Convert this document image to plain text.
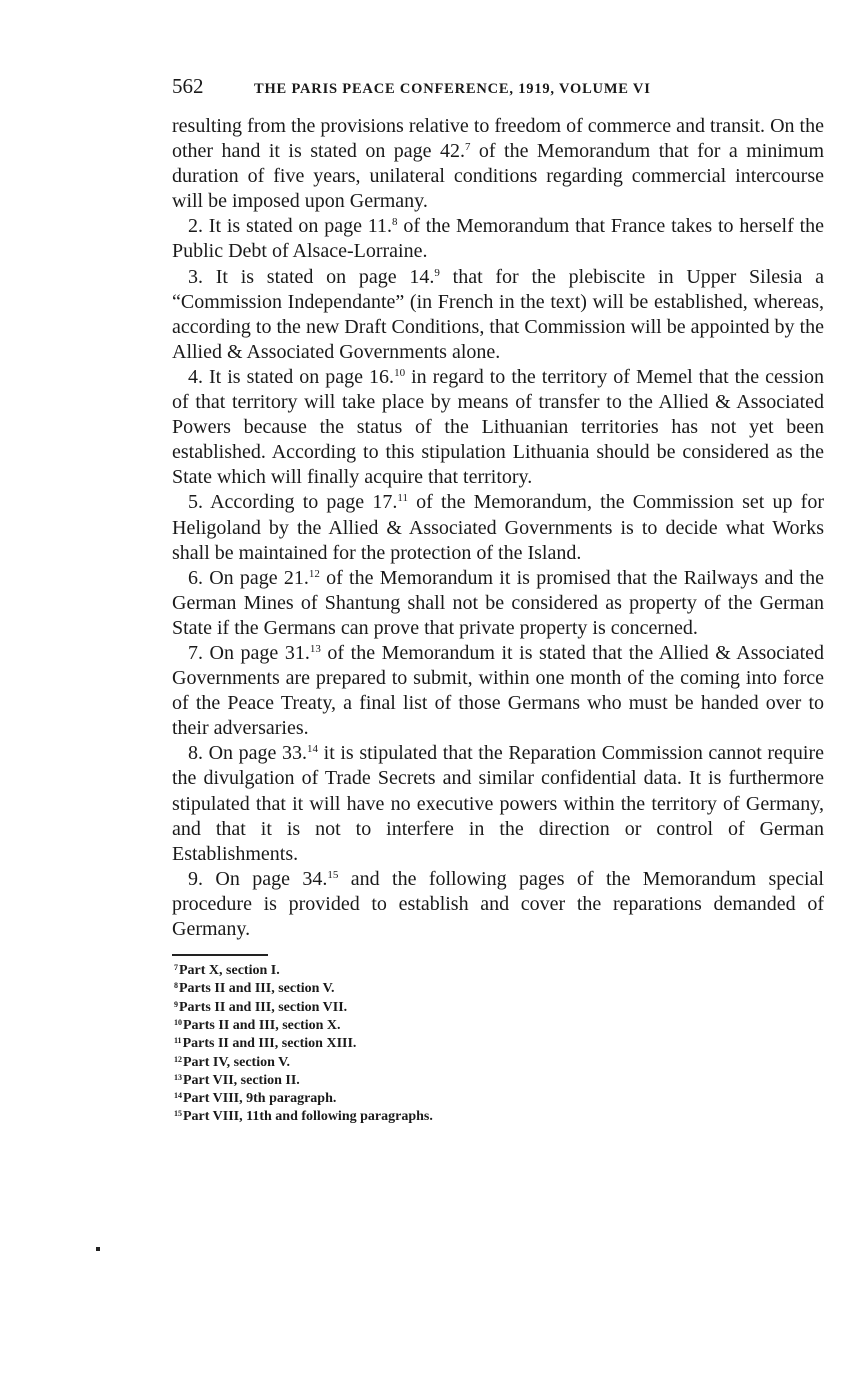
562	THE PARIS PEACE CONFERENCE, 1919, VOLUME VI

resulting from the provisions relative to freedom of commerce and transit. On the other hand it is stated on page 42.$^7$ of the Memorandum that for a minimum duration of five years, unilateral conditions regarding commercial intercourse will be imposed upon Germany.

2. It is stated on page 11.$^8$ of the Memorandum that France takes to herself the Public Debt of Alsace-Lorraine.

3. It is stated on page 14.$^9$ that for the plebiscite in Upper Silesia a “Commission Independante” (in French in the text) will be established, whereas, according to the new Draft Conditions, that Commission will be appointed by the Allied & Associated Governments alone.

4. It is stated on page 16.10 in regard to the territory of Memel that the cession of that territory will take place by means of transfer to the Allied & Associated Powers because the status of the Lithuanian territories has not yet been established. According to this stipulation Lithuania should be considered as the State which will finally acquire that territory.

5. According to page 17.11 of the Memorandum, the Commission set up for Heligoland by the Allied & Associated Governments is to decide what Works shall be maintained for the protection of the Island.

6. On page 21.12 of the Memorandum it is promised that the Railways and the German Mines of Shantung shall not be considered as property of the German State if the Germans can prove that private property is concerned.

7. On page 31.13 of the Memorandum it is stated that the Allied & Associated Governments are prepared to submit, within one month of the coming into force of the Peace Treaty, a final list of those Germans who must be handed over to their adversaries.

8. On page 33.14 it is stipulated that the Reparation Commission cannot require the divulgation of Trade Secrets and similar confidential data. It is furthermore stipulated that it will have no executive powers within the territory of Germany, and that it is not to interfere in the direction or control of German Establishments.

9. On page 34.15 and the following pages of the Memorandum special procedure is provided to establish and cover the reparations demanded of Germany.

$^7$Part X, section I.
$^8$Parts II and III, section V.
$^9$Parts II and III, section VII.
$^{10}$Parts II and III, section X.
$^{11}$Parts II and III, section XIII.
$^{12}$Part IV, section V.
$^{13}$Part VII, section II.
$^{14}$Part VIII, 9th paragraph.
$^{15}$Part VIII, 11th and following paragraphs.
